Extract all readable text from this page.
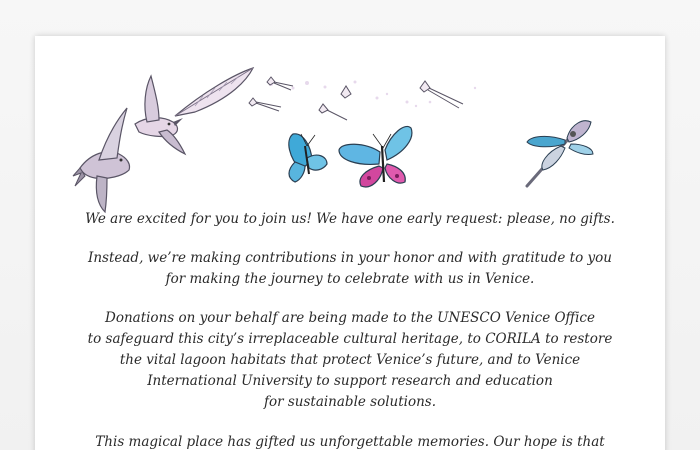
We are excited for you to join us! We have one early request: please, no gifts.
Instead, we’re making contributions in your honor and with gratitude to you
for making the journey to celebrate with us in Venice.
Donations on your behalf are being made to the UNESCO Venice Office
to safeguard this city’s irreplaceable cultural heritage, to CORILA to restore
the vital lagoon habitats that protect Venice’s future, and to Venice
International University to support research and education
for sustainable solutions.
This magical place has gifted us unforgettable memories. Our hope is that
